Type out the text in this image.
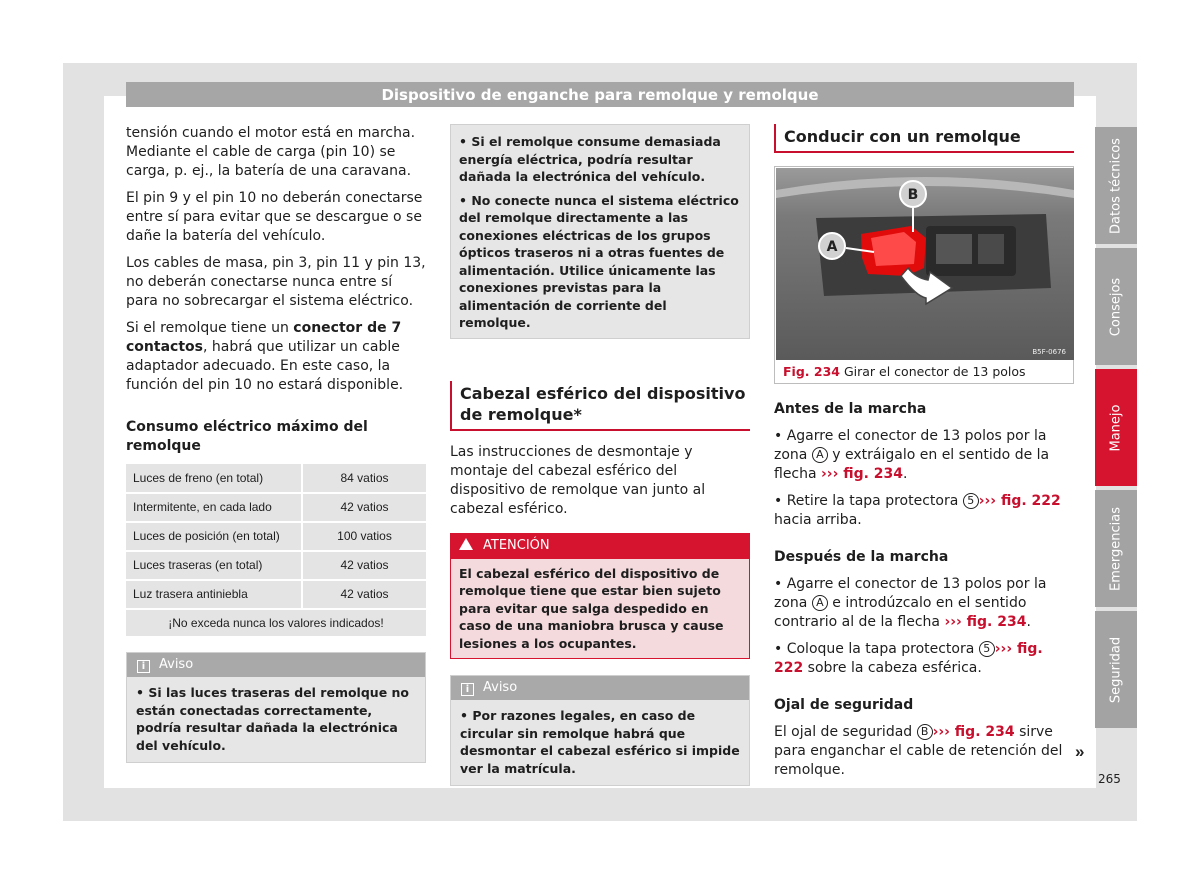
Dispositivo de enganche para remolque y remolque
tensión cuando el motor está en marcha. Mediante el cable de carga (pin 10) se carga, p. ej., la batería de una caravana.
El pin 9 y el pin 10 no deberán conectarse entre sí para evitar que se descargue o se dañe la batería del vehículo.
Los cables de masa, pin 3, pin 11 y pin 13, no deberán conectarse nunca entre sí para no sobrecargar el sistema eléctrico.
Si el remolque tiene un conector de 7 contactos, habrá que utilizar un cable adaptador adecuado. En este caso, la función del pin 10 no estará disponible.
Consumo eléctrico máximo del remolque
Luces de freno (en total)	84 vatios
Intermitente, en cada lado	42 vatios
Luces de posición (en total)	100 vatios
Luces traseras (en total)	42 vatios
Luz trasera antiniebla	42 vatios
¡No exceda nunca los valores indicados!	
i Aviso
• Si las luces traseras del remolque no están conectadas correctamente, podría resultar dañada la electrónica del vehículo.
• Si el remolque consume demasiada energía eléctrica, podría resultar dañada la electrónica del vehículo.
• No conecte nunca el sistema eléctrico del remolque directamente a las conexiones eléctricas de los grupos ópticos traseros ni a otras fuentes de alimentación. Utilice únicamente las conexiones previstas para la alimentación de corriente del remolque.
Cabezal esférico del dispositivo de remolque*
Las instrucciones de desmontaje y montaje del cabezal esférico del dispositivo de remolque van junto al cabezal esférico.
ATENCIÓN
El cabezal esférico del dispositivo de remolque tiene que estar bien sujeto para evitar que salga despedido en caso de una maniobra brusca y cause lesiones a los ocupantes.
i Aviso
• Por razones legales, en caso de circular sin remolque habrá que desmontar el cabezal esférico si impide ver la matrícula.
Conducir con un remolque
A
B
B5F-0676
Fig. 234 Girar el conector de 13 polos
Antes de la marcha
• Agarre el conector de 13 polos por la zona A y extráigalo en el sentido de la flecha ››› fig. 234.
• Retire la tapa protectora 5 ››› fig. 222 hacia arriba.
Después de la marcha
• Agarre el conector de 13 polos por la zona A e introdúzcalo en el sentido contrario al de la flecha ››› fig. 234.
• Coloque la tapa protectora 5 ››› fig. 222 sobre la cabeza esférica.
Ojal de seguridad
El ojal de seguridad B ››› fig. 234 sirve para enganchar el cable de retención del remolque.
Datos técnicos
Consejos
Manejo
Emergencias
Seguridad
»
265
